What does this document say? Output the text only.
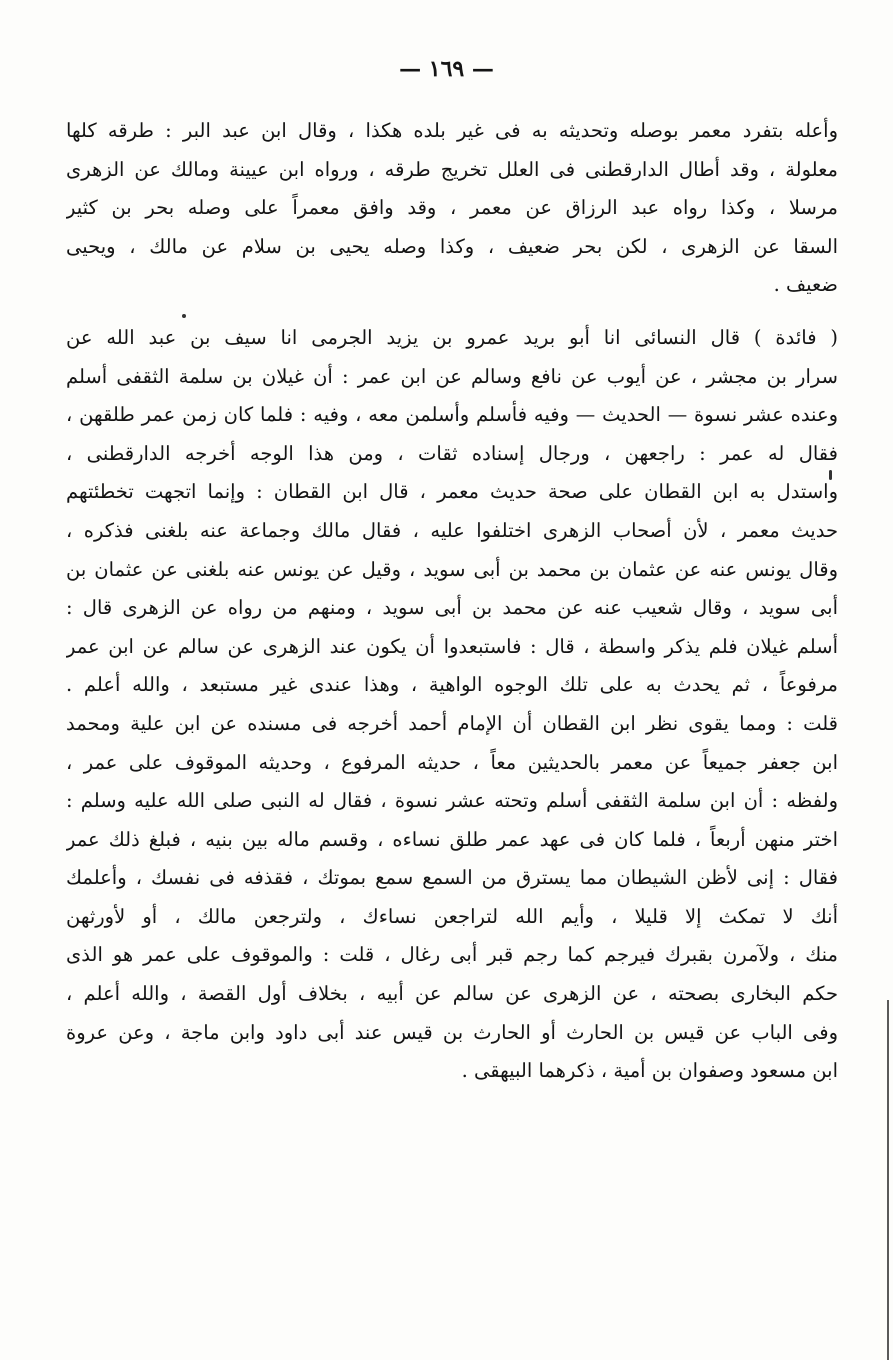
— ١٦٩ —
وأعله بتفرد معمر بوصله وتحديثه به فى غير بلده هكذا ، وقال ابن عبد البر : طرقه كلها
معلولة ، وقد أطال الدارقطنى فى العلل تخريج طرقه ، ورواه ابن عيينة ومالك عن الزهرى
مرسلا ، وكذا رواه عبد الرزاق عن معمر ، وقد وافق معمراً على وصله بحر بن كثير
السقا عن الزهرى ، لكن بحر ضعيف ، وكذا وصله يحيى بن سلام عن مالك ، ويحيى
ضعيف .
( فائدة ) قال النسائى انا أبو بريد عمرو بن يزيد الجرمى انا سيف بن عبد الله عن
سرار بن مجشر ، عن أيوب عن نافع وسالم عن ابن عمر : أن غيلان بن سلمة الثقفى أسلم
وعنده عشر نسوة — الحديث — وفيه فأسلم وأسلمن معه ، وفيه : فلما كان زمن عمر طلقهن ،
فقال له عمر : راجعهن ، ورجال إسناده ثقات ، ومن هذا الوجه أخرجه الدارقطنى ،
واستدل به ابن القطان على صحة حديث معمر ، قال ابن القطان : وإنما اتجهت تخطئتهم
حديث معمر ، لأن أصحاب الزهرى اختلفوا عليه ، فقال مالك وجماعة عنه بلغنى فذكره ،
وقال يونس عنه عن عثمان بن محمد بن أبى سويد ، وقيل عن يونس عنه بلغنى عن عثمان بن
أبى سويد ، وقال شعيب عنه عن محمد بن أبى سويد ، ومنهم من رواه عن الزهرى قال :
أسلم غيلان فلم يذكر واسطة ، قال : فاستبعدوا أن يكون عند الزهرى عن سالم عن ابن عمر
مرفوعاً ، ثم يحدث به على تلك الوجوه الواهية ، وهذا عندى غير مستبعد ، والله أعلم .
قلت : ومما يقوى نظر ابن القطان أن الإمام أحمد أخرجه فى مسنده عن ابن علية ومحمد
ابن جعفر جميعاً عن معمر بالحديثين معاً ، حديثه المرفوع ، وحديثه الموقوف على عمر ،
ولفظه : أن ابن سلمة الثقفى أسلم وتحته عشر نسوة ، فقال له النبى صلى الله عليه وسلم :
اختر منهن أربعاً ، فلما كان فى عهد عمر طلق نساءه ، وقسم ماله بين بنيه ، فبلغ ذلك عمر
فقال : إنى لأظن الشيطان مما يسترق من السمع سمع بموتك ، فقذفه فى نفسك ، وأعلمك
أنك لا تمكث إلا قليلا ، وأيم الله لتراجعن نساءك ، ولترجعن مالك ، أو لأورثهن
منك ، ولآمرن بقبرك فيرجم كما رجم قبر أبى رغال ، قلت : والموقوف على عمر هو الذى
حكم البخارى بصحته ، عن الزهرى عن سالم عن أبيه ، بخلاف أول القصة ، والله أعلم ،
وفى الباب عن قيس بن الحارث أو الحارث بن قيس عند أبى داود وابن ماجة ، وعن عروة
ابن مسعود وصفوان بن أمية ، ذكرهما البيهقى .
